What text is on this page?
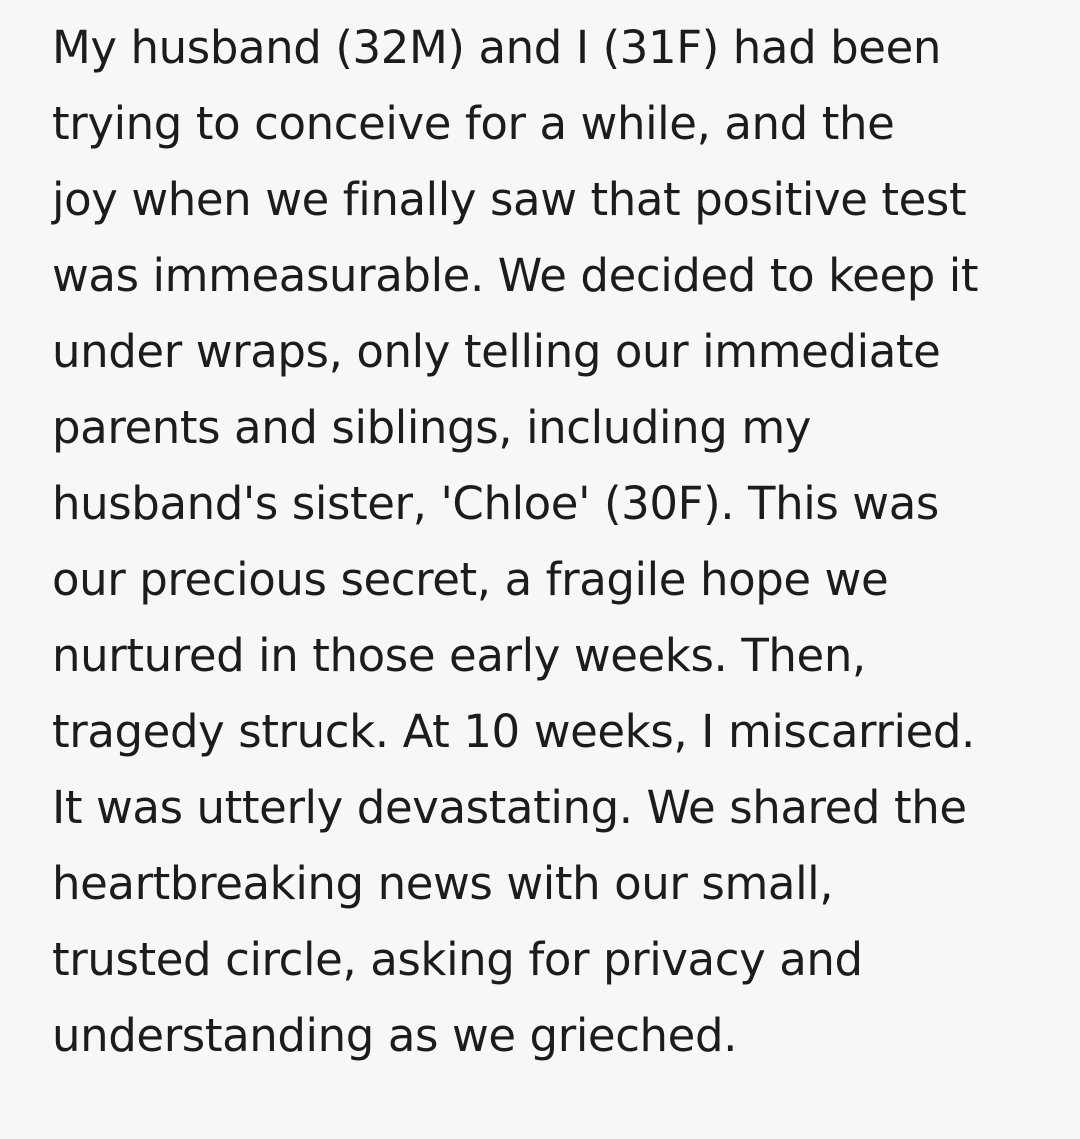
My husband (32M) and I (31F) had been
trying to conceive for a while, and the
joy when we finally saw that positive test
was immeasurable. We decided to keep it
under wraps, only telling our immediate
parents and siblings, including my
husband's sister, 'Chloe' (30F). This was
our precious secret, a fragile hope we
nurtured in those early weeks. Then,
tragedy struck. At 10 weeks, I miscarried.
It was utterly devastating. We shared the
heartbreaking news with our small,
trusted circle, asking for privacy and
understanding as we grieched.
